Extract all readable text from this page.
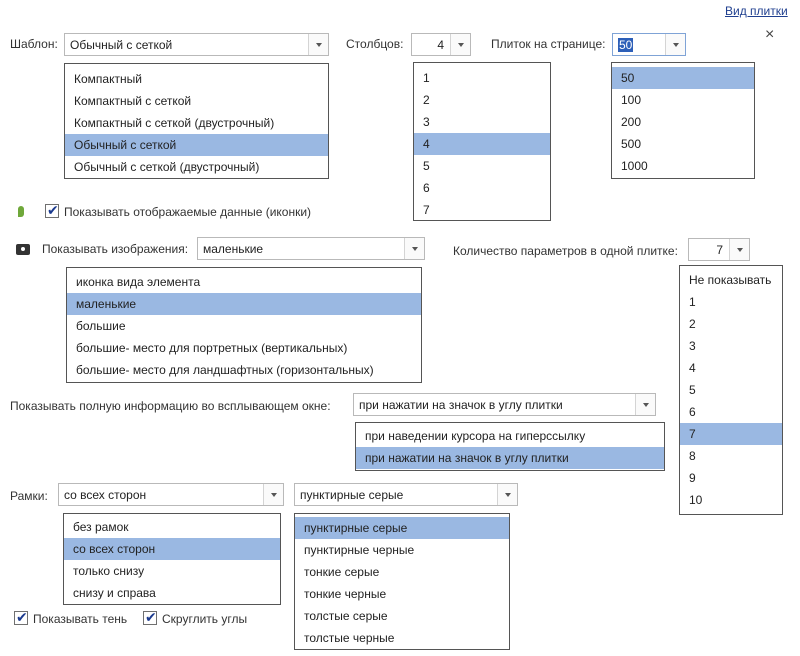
Вид плитки
×
Шаблон: Обычный с сеткой
Компактный
Компактный с сеткой
Компактный с сеткой (двустрочный)
Обычный с сеткой
Обычный с сеткой (двустрочный)
Столбцов:	4
1
2
3
4
5
6
7
Плиток на странице: 50
50
100
200
500
1000
✔ Показывать отображаемые данные (иконки)
Показывать изображения: маленькие
иконка вида элемента
маленькие
большие
большие- место для портретных (вертикальных)
большие- место для ландшафтных (горизонтальных)
Количество параметров в одной плитке:	7
Не показывать
1
2
3
4
5
6
7
8
9
10
Показывать полную информацию во всплывающем окне: при нажатии на значок в углу плитки
при наведении курсора на гиперссылку
при нажатии на значок в углу плитки
Рамки: со всех сторон
без рамок
со всех сторон
только снизу
снизу и справа
пунктирные серые
пунктирные серые
пунктирные черные
тонкие серые
тонкие черные
толстые серые
толстые черные
✔ Показывать тень ✔ Скруглить углы
